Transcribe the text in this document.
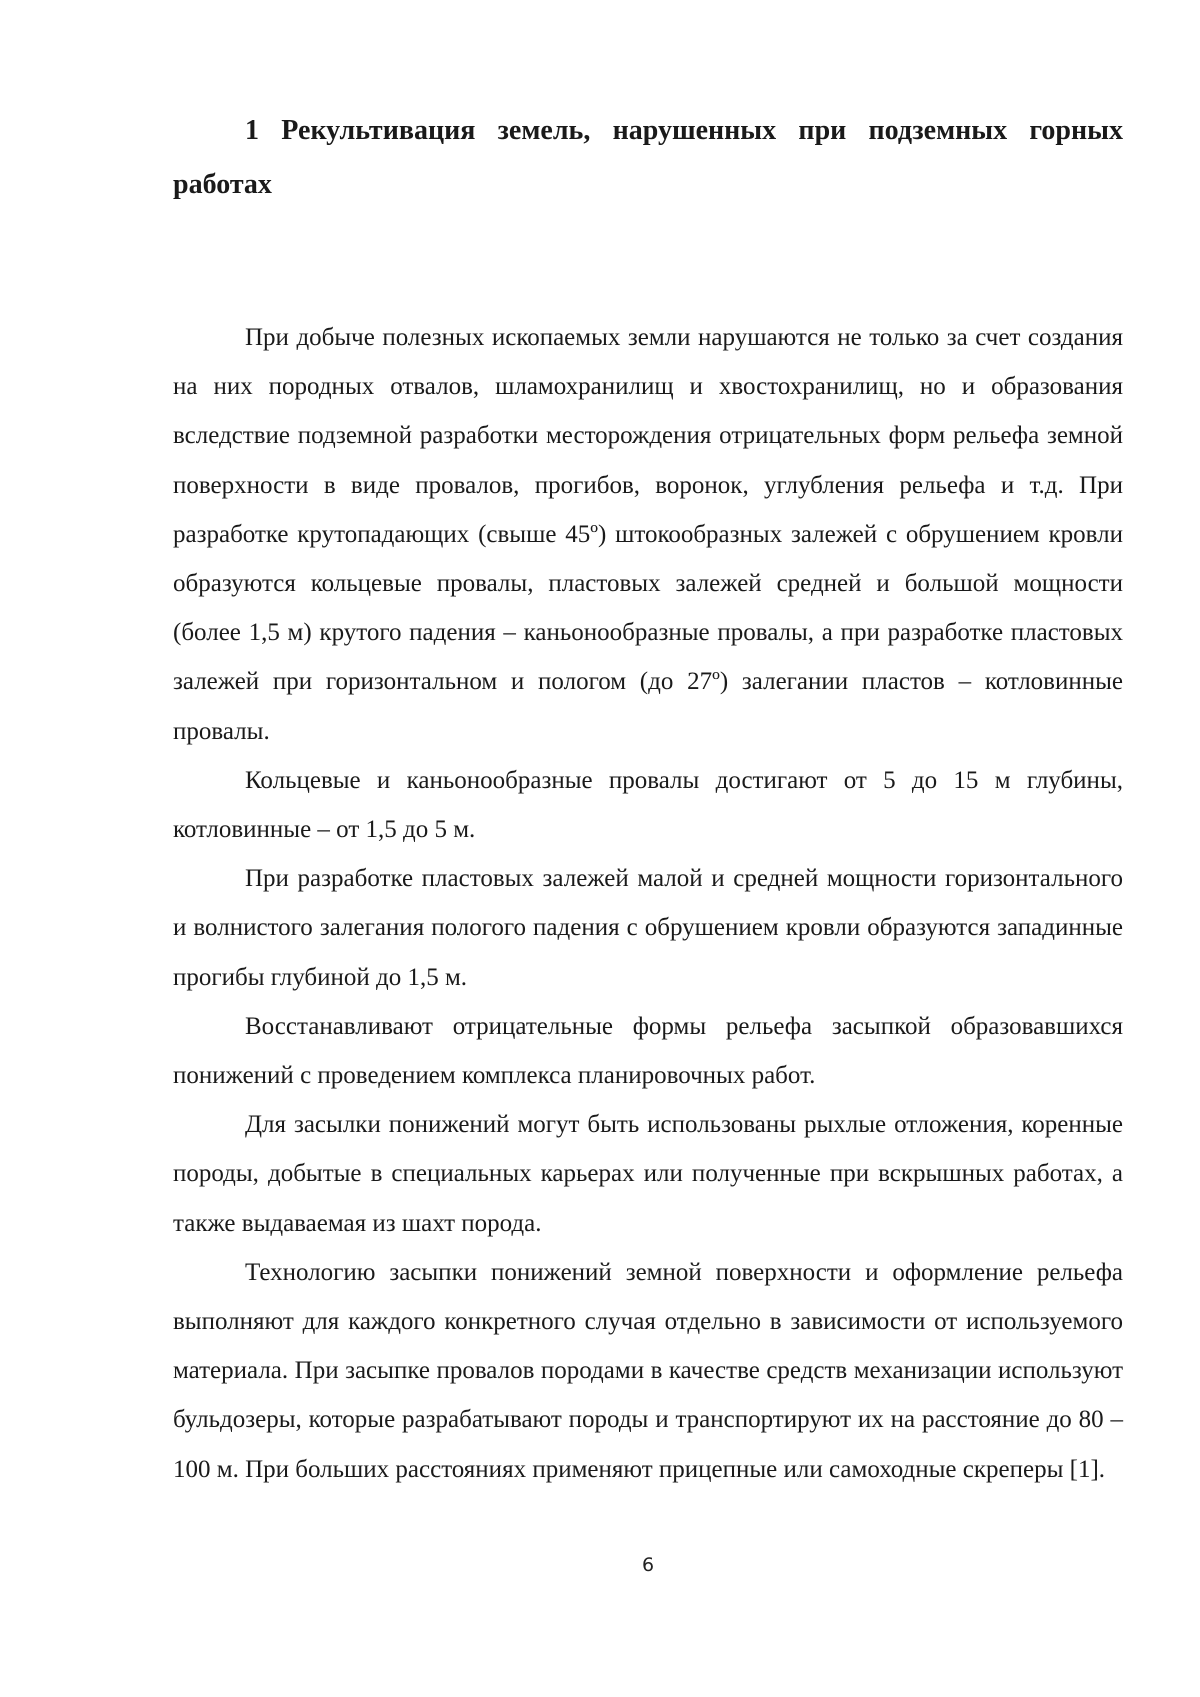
1 Рекультивация земель, нарушенных при подземных горных работах

При добыче полезных ископаемых земли нарушаются не только за счет создания на них породных отвалов, шламохранилищ и хвостохранилищ, но и образования вследствие подземной разработки месторождения отрицательных форм рельефа земной поверхности в виде провалов, прогибов, воронок, углубления рельефа и т.д. При разработке крутопадающих (свыше 45º) штокообразных залежей с обрушением кровли образуются кольцевые провалы, пластовых залежей средней и большой мощности (более 1,5 м) крутого падения – каньонообразные провалы, а при разработке пластовых залежей при горизонтальном и пологом (до 27º) залегании пластов – котловинные провалы.

Кольцевые и каньонообразные провалы достигают от 5 до 15 м глубины, котловинные – от 1,5 до 5 м.

При разработке пластовых залежей малой и средней мощности горизонтального и волнистого залегания пологого падения с обрушением кровли образуются западинные прогибы глубиной до 1,5 м.

Восстанавливают отрицательные формы рельефа засыпкой образовавшихся понижений с проведением комплекса планировочных работ.

Для засылки понижений могут быть использованы рыхлые отложения, коренные породы, добытые в специальных карьерах или полученные при вскрышных работах, а также выдаваемая из шахт порода.

Технологию засыпки понижений земной поверхности и оформление рельефа выполняют для каждого конкретного случая отдельно в зависимости от используемого материала. При засыпке провалов породами в качестве средств механизации используют бульдозеры, которые разрабатывают породы и транспортируют их на расстояние до 80 – 100 м. При больших расстояниях применяют прицепные или самоходные скреперы [1].

6
